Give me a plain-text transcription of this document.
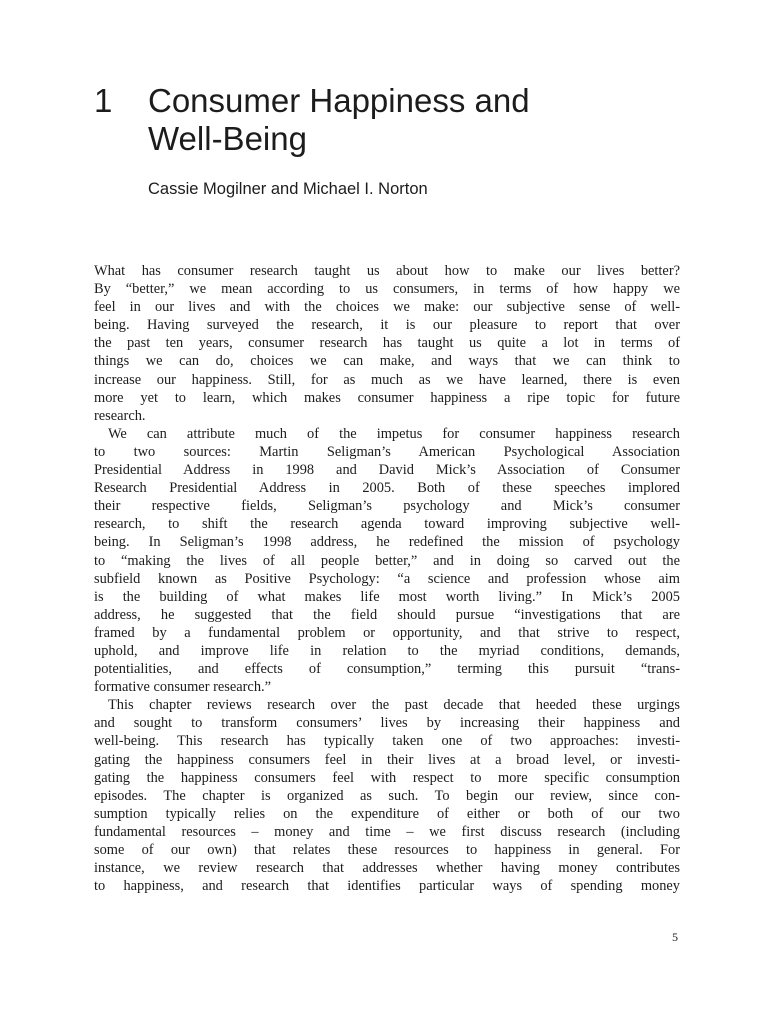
1 Consumer Happiness and
Well-Being

Cassie Mogilner and Michael I. Norton

What has consumer research taught us about how to make our lives better?
By “better,” we mean according to us consumers, in terms of how happy we
feel in our lives and with the choices we make: our subjective sense of well-
being. Having surveyed the research, it is our pleasure to report that over
the past ten years, consumer research has taught us quite a lot in terms of
things we can do, choices we can make, and ways that we can think to
increase our happiness. Still, for as much as we have learned, there is even
more yet to learn, which makes consumer happiness a ripe topic for future
research.
We can attribute much of the impetus for consumer happiness research
to two sources: Martin Seligman’s American Psychological Association
Presidential Address in 1998 and David Mick’s Association of Consumer
Research Presidential Address in 2005. Both of these speeches implored
their respective fields, Seligman’s psychology and Mick’s consumer
research, to shift the research agenda toward improving subjective well-
being. In Seligman’s 1998 address, he redefined the mission of psychology
to “making the lives of all people better,” and in doing so carved out the
subfield known as Positive Psychology: “a science and profession whose aim
is the building of what makes life most worth living.” In Mick’s 2005
address, he suggested that the field should pursue “investigations that are
framed by a fundamental problem or opportunity, and that strive to respect,
uphold, and improve life in relation to the myriad conditions, demands,
potentialities, and effects of consumption,” terming this pursuit “trans-
formative consumer research.”
This chapter reviews research over the past decade that heeded these urgings
and sought to transform consumers’ lives by increasing their happiness and
well-being. This research has typically taken one of two approaches: investi-
gating the happiness consumers feel in their lives at a broad level, or investi-
gating the happiness consumers feel with respect to more specific consumption
episodes. The chapter is organized as such. To begin our review, since con-
sumption typically relies on the expenditure of either or both of our two
fundamental resources – money and time – we first discuss research (including
some of our own) that relates these resources to happiness in general. For
instance, we review research that addresses whether having money contributes
to happiness, and research that identifies particular ways of spending money
5
